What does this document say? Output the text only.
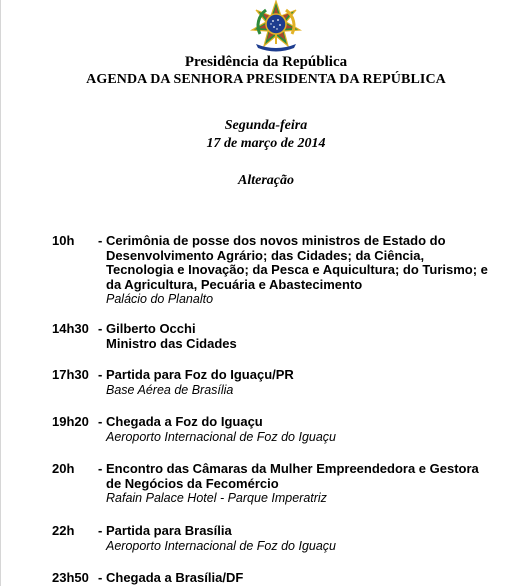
Presidência da República
AGENDA DA SENHORA PRESIDENTA DA REPÚBLICA
Segunda-feira
17 de março de 2014
Alteração
10h - Cerimônia de posse dos novos ministros de Estado do
Desenvolvimento Agrário; das Cidades; da Ciência,
Tecnologia e Inovação; da Pesca e Aquicultura; do Turismo; e
da Agricultura, Pecuária e Abastecimento
Palácio do Planalto
14h30 - Gilberto Occhi
Ministro das Cidades
17h30 - Partida para Foz do Iguaçu/PR
Base Aérea de Brasília
19h20 - Chegada a Foz do Iguaçu
Aeroporto Internacional de Foz do Iguaçu
20h - Encontro das Câmaras da Mulher Empreendedora e Gestora
de Negócios da Fecomércio
Rafain Palace Hotel - Parque Imperatriz
22h - Partida para Brasília
Aeroporto Internacional de Foz do Iguaçu
23h50 - Chegada a Brasília/DF
